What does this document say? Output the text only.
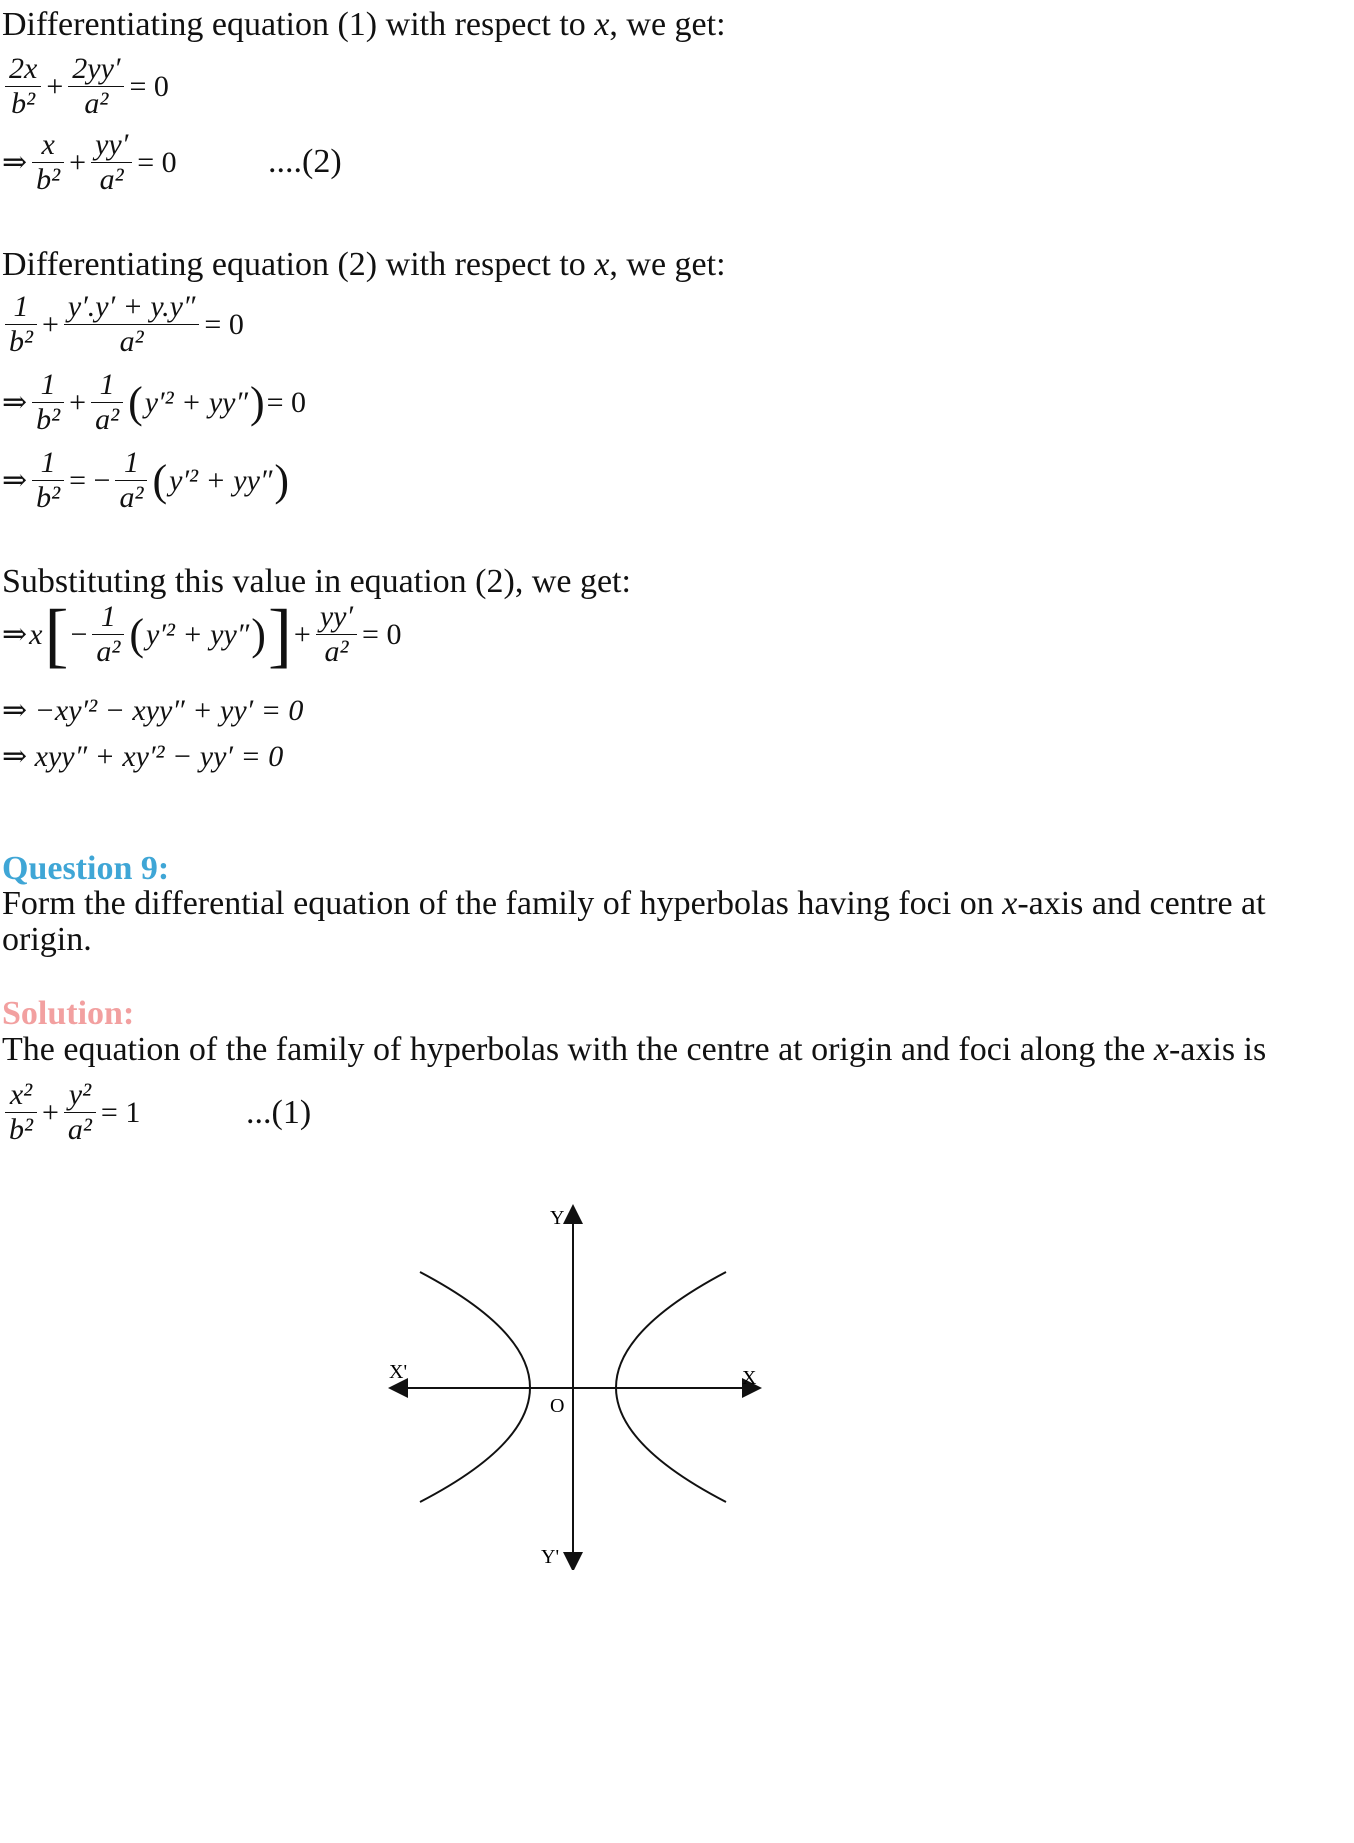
Differentiating equation (1) with respect to x, we get:
$\frac{2x}{\text{b²}} + \frac{2yy'}{\text{a²}} = 0$
⇒ $\frac{x}{\text{b²}} + \frac{yy'}{\text{a²}} = 0$	....(2)
Differentiating equation (2) with respect to x, we get:
$\frac{1}{\text{b²}} + \frac{y'.y' + y.y''}{\text{a²}} = 0$
⇒ $\frac{1}{\text{b²}} + \frac{1}{\text{a²}}$ ( y′² + yy″ ) = 0
⇒ $\frac{1}{\text{b²}}$ = − $\frac{1}{\text{a²}}$ ( y′² + yy″ )
Substituting this value in equation (2), we get:
⇒ x [ − $\frac{1}{\text{a²}}$ ( y′² + yy″ ) ] + $\frac{yy'}{\text{a²}} = 0$
⇒ −xy′² − xyy″ + yy′ = 0
⇒ xyy″ + xy′² − yy′ = 0
Question 9:
Form the differential equation of the family of hyperbolas having foci on x-axis and centre at
origin.
Solution:
The equation of the family of hyperbolas with the centre at origin and foci along the x-axis is
$\frac{\text{x²}}{\text{b²}} + \frac{\text{y²}}{\text{a²}} = 1$	...(1)
Y
Y'
X
X'
O
